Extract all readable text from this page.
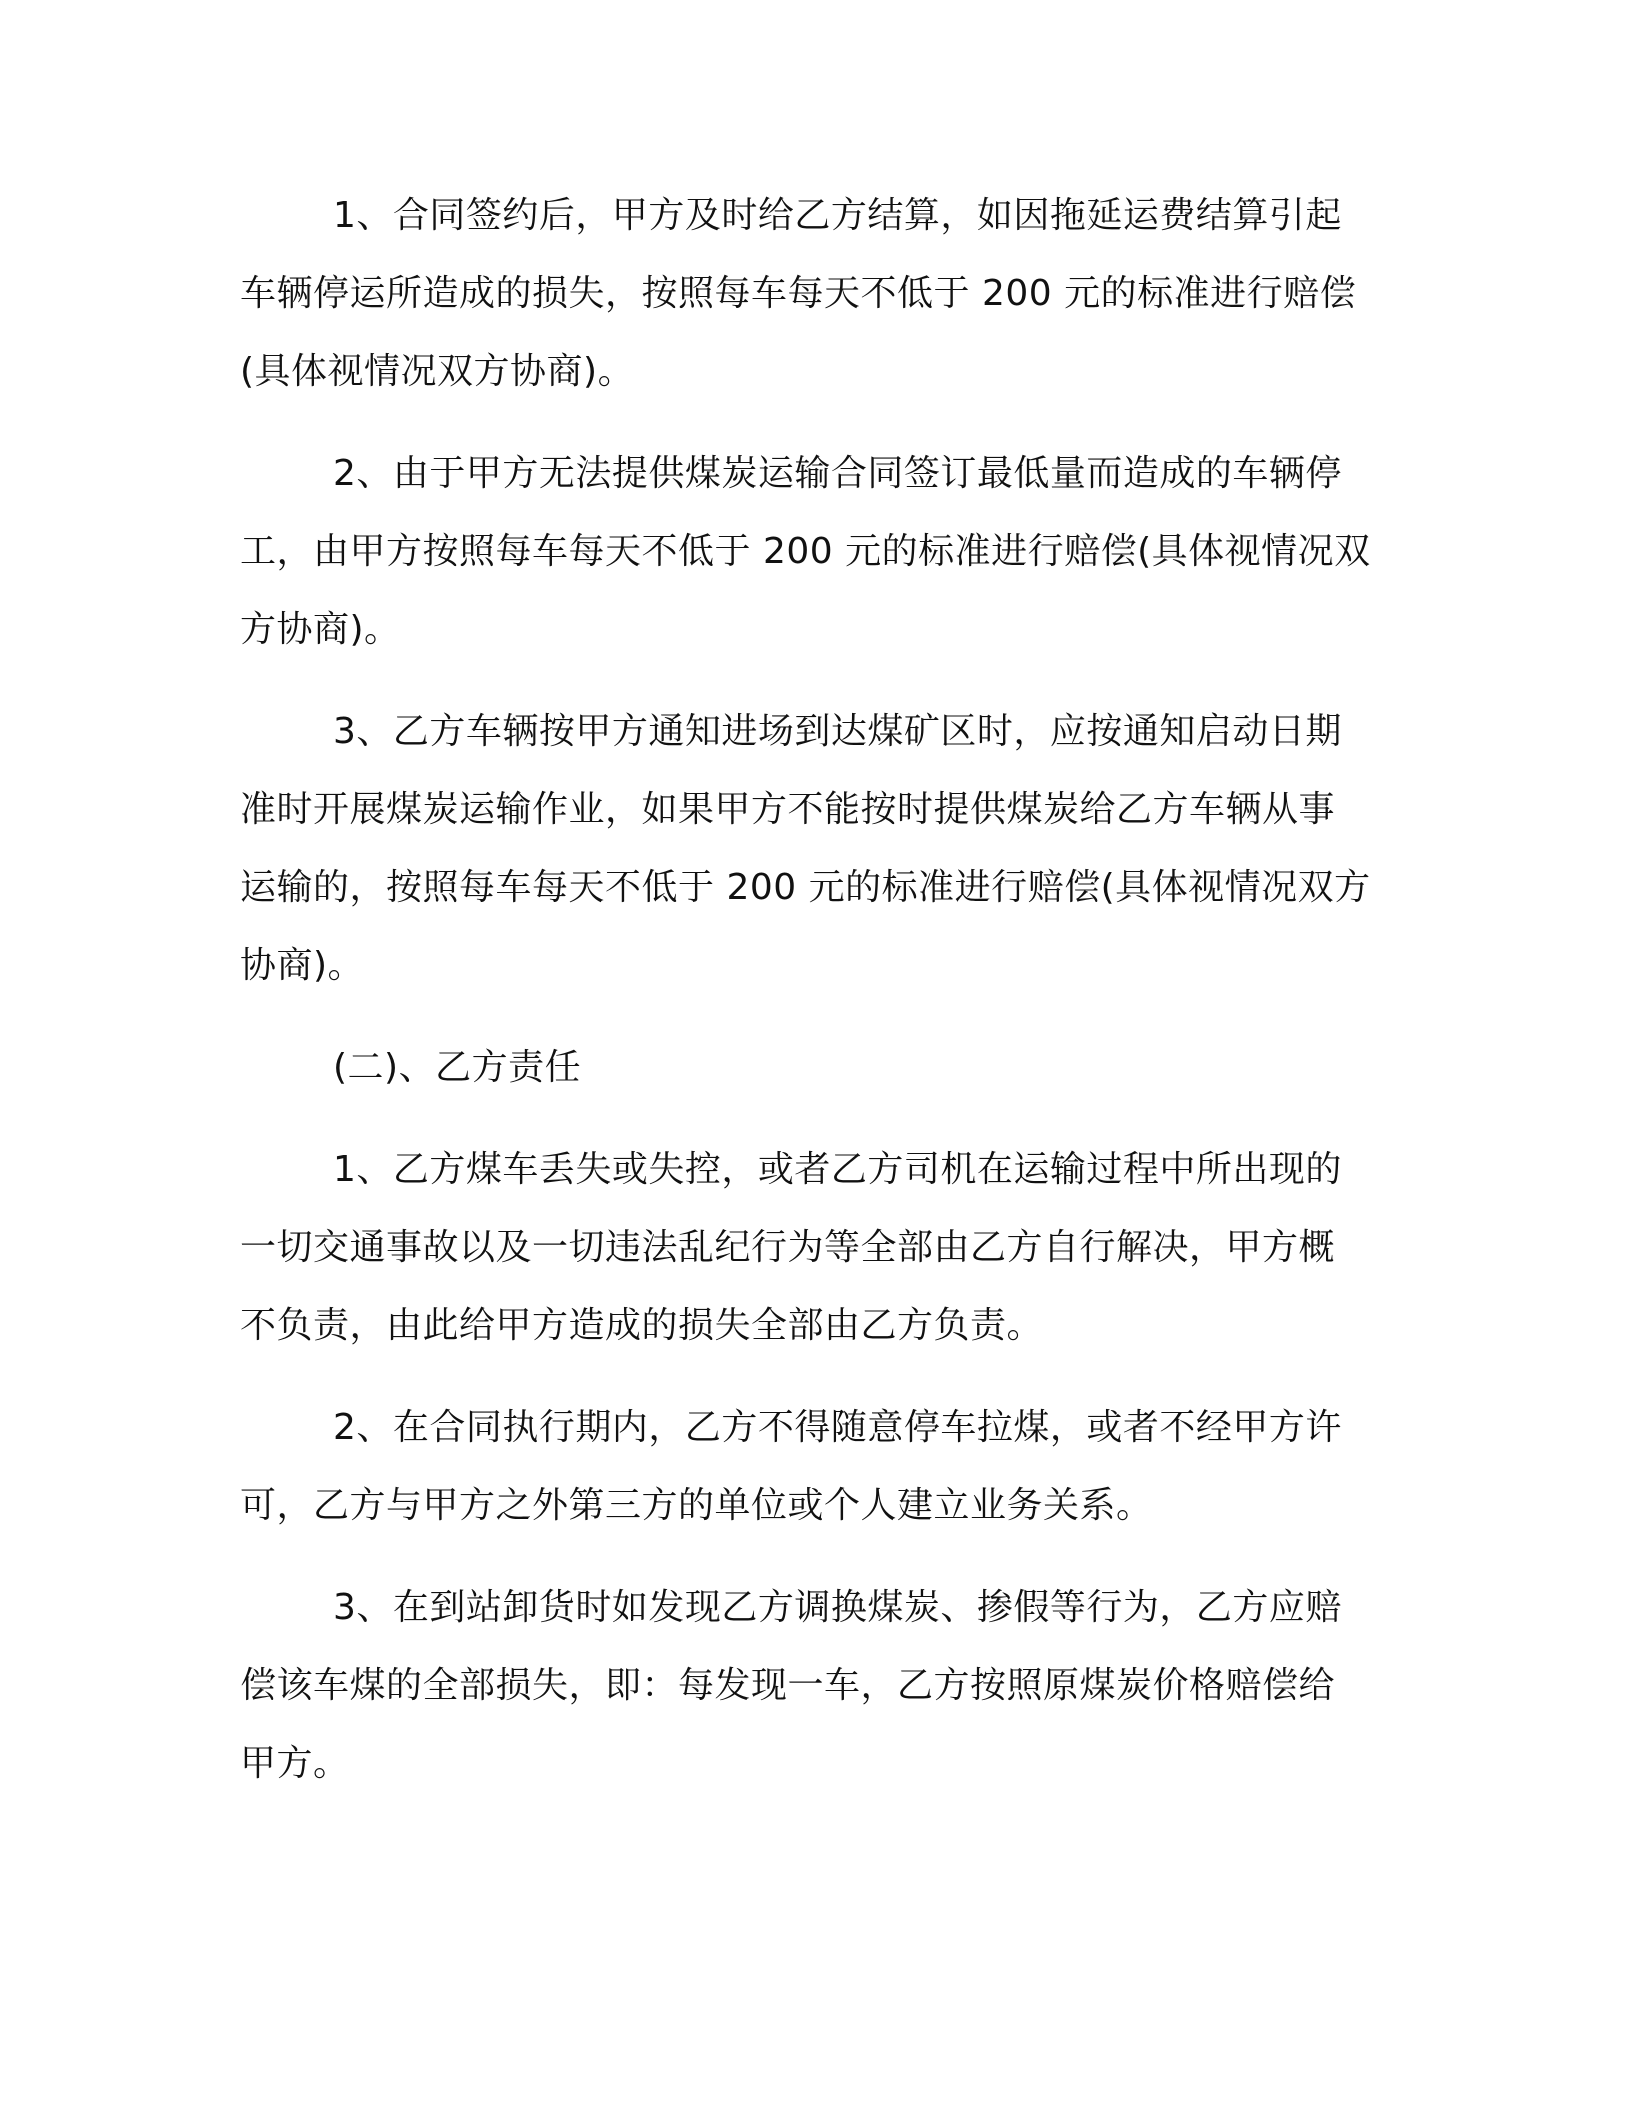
1、合同签约后，甲方及时给乙方结算，如因拖延运费结算引起
车辆停运所造成的损失，按照每车每天不低于 200 元的标准进行赔偿
(具体视情况双方协商)。
2、由于甲方无法提供煤炭运输合同签订最低量而造成的车辆停
工，由甲方按照每车每天不低于 200 元的标准进行赔偿(具体视情况双
方协商)。
3、乙方车辆按甲方通知进场到达煤矿区时，应按通知启动日期
准时开展煤炭运输作业，如果甲方不能按时提供煤炭给乙方车辆从事
运输的，按照每车每天不低于 200 元的标准进行赔偿(具体视情况双方
协商)。
(二)、乙方责任
1、乙方煤车丢失或失控，或者乙方司机在运输过程中所出现的
一切交通事故以及一切违法乱纪行为等全部由乙方自行解决，甲方概
不负责，由此给甲方造成的损失全部由乙方负责。
2、在合同执行期内，乙方不得随意停车拉煤，或者不经甲方许
可，乙方与甲方之外第三方的单位或个人建立业务关系。
3、在到站卸货时如发现乙方调换煤炭、掺假等行为，乙方应赔
偿该车煤的全部损失，即：每发现一车，乙方按照原煤炭价格赔偿给
甲方。
